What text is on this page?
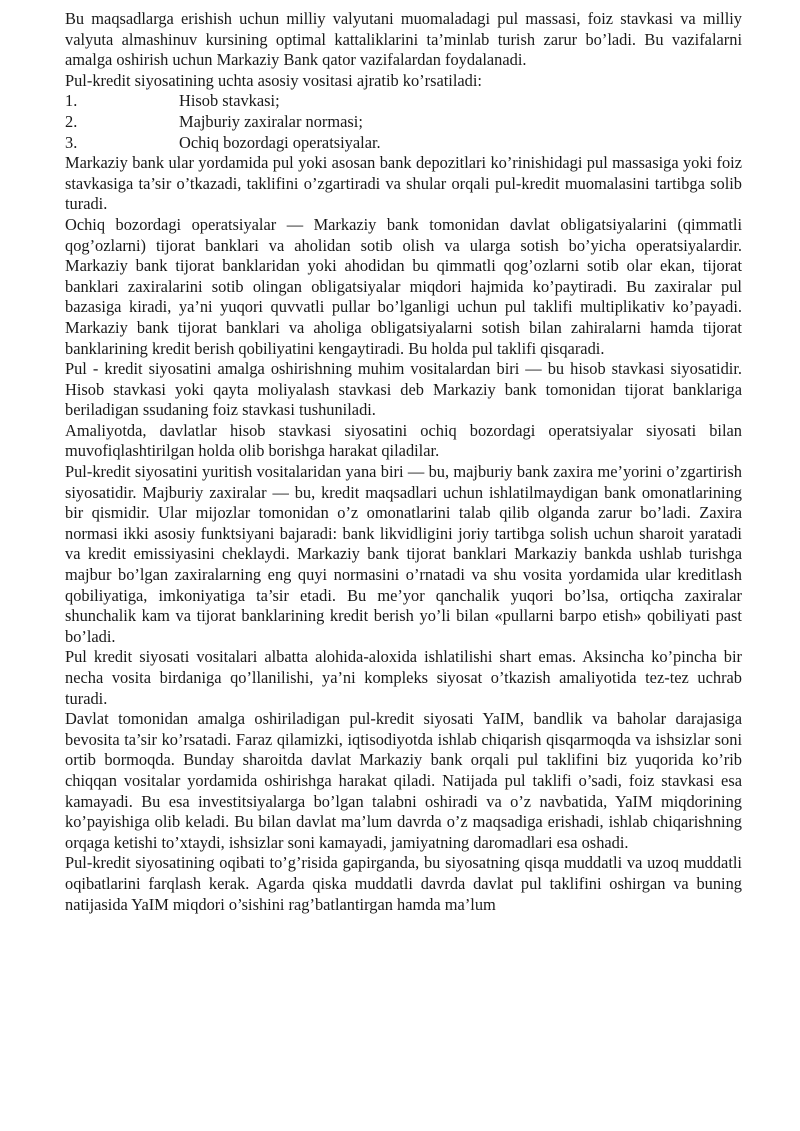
Bu maqsadlarga erishish uchun milliy valyutani muomaladagi pul massasi, foiz stavkasi va milliy valyuta almashinuv kursining optimal kattaliklarini ta’minlab turish zarur bo’ladi. Bu vazifalarni amalga oshirish uchun Markaziy Bank qator vazifalardan foydalanadi.

Pul-kredit siyosatining uchta asosiy vositasi ajratib ko’rsatiladi:

1.	Hisob stavkasi;
2.	Majburiy zaxiralar normasi;
3.	Ochiq bozordagi operatsiyalar.

Markaziy bank ular yordamida pul yoki asosan bank depozitlari ko’rinishidagi pul massasiga yoki foiz stavkasiga ta’sir o’tkazadi, taklifini o’zgartiradi va shular orqali pul-kredit muomalasini tartibga solib turadi.

Ochiq bozordagi operatsiyalar — Markaziy bank tomonidan davlat obligatsiyalarini (qimmatli qog’ozlarni) tijorat banklari va aholidan sotib olish va ularga sotish bo’yicha operatsiyalardir. Markaziy bank tijorat banklaridan yoki ahodidan bu qimmatli qog’ozlarni sotib olar ekan, tijorat banklari zaxiralarini sotib olingan obligatsiyalar miqdori hajmida ko’paytiradi. Bu zaxiralar pul bazasiga kiradi, ya’ni yuqori quvvatli pullar bo’lganligi uchun pul taklifi multiplikativ ko’payadi. Markaziy bank tijorat banklari va aholiga obligatsiyalarni sotish bilan zahiralarni hamda tijorat banklarining kredit berish qobiliyatini kengaytiradi. Bu holda pul taklifi qisqaradi.

Pul - kredit siyosatini amalga oshirishning muhim vositalardan biri — bu hisob stavkasi siyosatidir. Hisob stavkasi yoki qayta moliyalash stavkasi deb Markaziy bank tomonidan tijorat banklariga beriladigan ssudaning foiz stavkasi tushuniladi.

Amaliyotda, davlatlar hisob stavkasi siyosatini ochiq bozordagi operatsiyalar siyosati bilan muvofiqlashtirilgan holda olib borishga harakat qiladilar.

Pul-kredit siyosatini yuritish vositalaridan yana biri — bu, majburiy bank zaxira me’yorini o’zgartirish siyosatidir. Majburiy zaxiralar — bu, kredit maqsadlari uchun ishlatilmaydigan bank omonatlarining bir qismidir. Ular mijozlar tomonidan o’z omonatlarini talab qilib olganda zarur bo’ladi. Zaxira normasi ikki asosiy funktsiyani bajaradi: bank likvidligini joriy tartibga solish uchun sharoit yaratadi va kredit emissiyasini cheklaydi. Markaziy bank tijorat banklari Markaziy bankda ushlab turishga majbur bo’lgan zaxiralarning eng quyi normasini o’rnatadi va shu vosita yordamida ular kreditlash qobiliyatiga, imkoniyatiga ta’sir etadi. Bu me’yor qanchalik yuqori bo’lsa, ortiqcha zaxiralar shunchalik kam va tijorat banklarining kredit berish yo’li bilan «pullarni barpo etish» qobiliyati past bo’ladi.

Pul kredit siyosati vositalari albatta alohida-aloxida ishlatilishi shart emas. Aksincha ko’pincha bir necha vosita birdaniga qo’llanilishi, ya’ni kompleks siyosat o’tkazish amaliyotida tez-tez uchrab turadi.

Davlat tomonidan amalga oshiriladigan pul-kredit siyosati YaIM, bandlik va baholar darajasiga bevosita ta’sir ko’rsatadi. Faraz qilamizki, iqtisodiyotda ishlab chiqarish qisqarmoqda va ishsizlar soni ortib bormoqda. Bunday sharoitda davlat Markaziy bank orqali pul taklifini biz yuqorida ko’rib chiqqan vositalar yordamida oshirishga harakat qiladi. Natijada pul taklifi o’sadi, foiz stavkasi esa kamayadi. Bu esa investitsiyalarga bo’lgan talabni oshiradi va o’z navbatida, YaIM miqdorining ko’payishiga olib keladi. Bu bilan davlat ma’lum davrda o’z maqsadiga erishadi, ishlab chiqarishning orqaga ketishi to’xtaydi, ishsizlar soni kamayadi, jamiyatning daromadlari esa oshadi.

Pul-kredit siyosatining oqibati to’g’risida gapirganda, bu siyosatning qisqa muddatli va uzoq muddatli oqibatlarini farqlash kerak. Agarda qiska muddatli davrda davlat pul taklifini oshirgan va buning natijasida YaIM miqdori o’sishini rag’batlantirgan hamda ma’lum
